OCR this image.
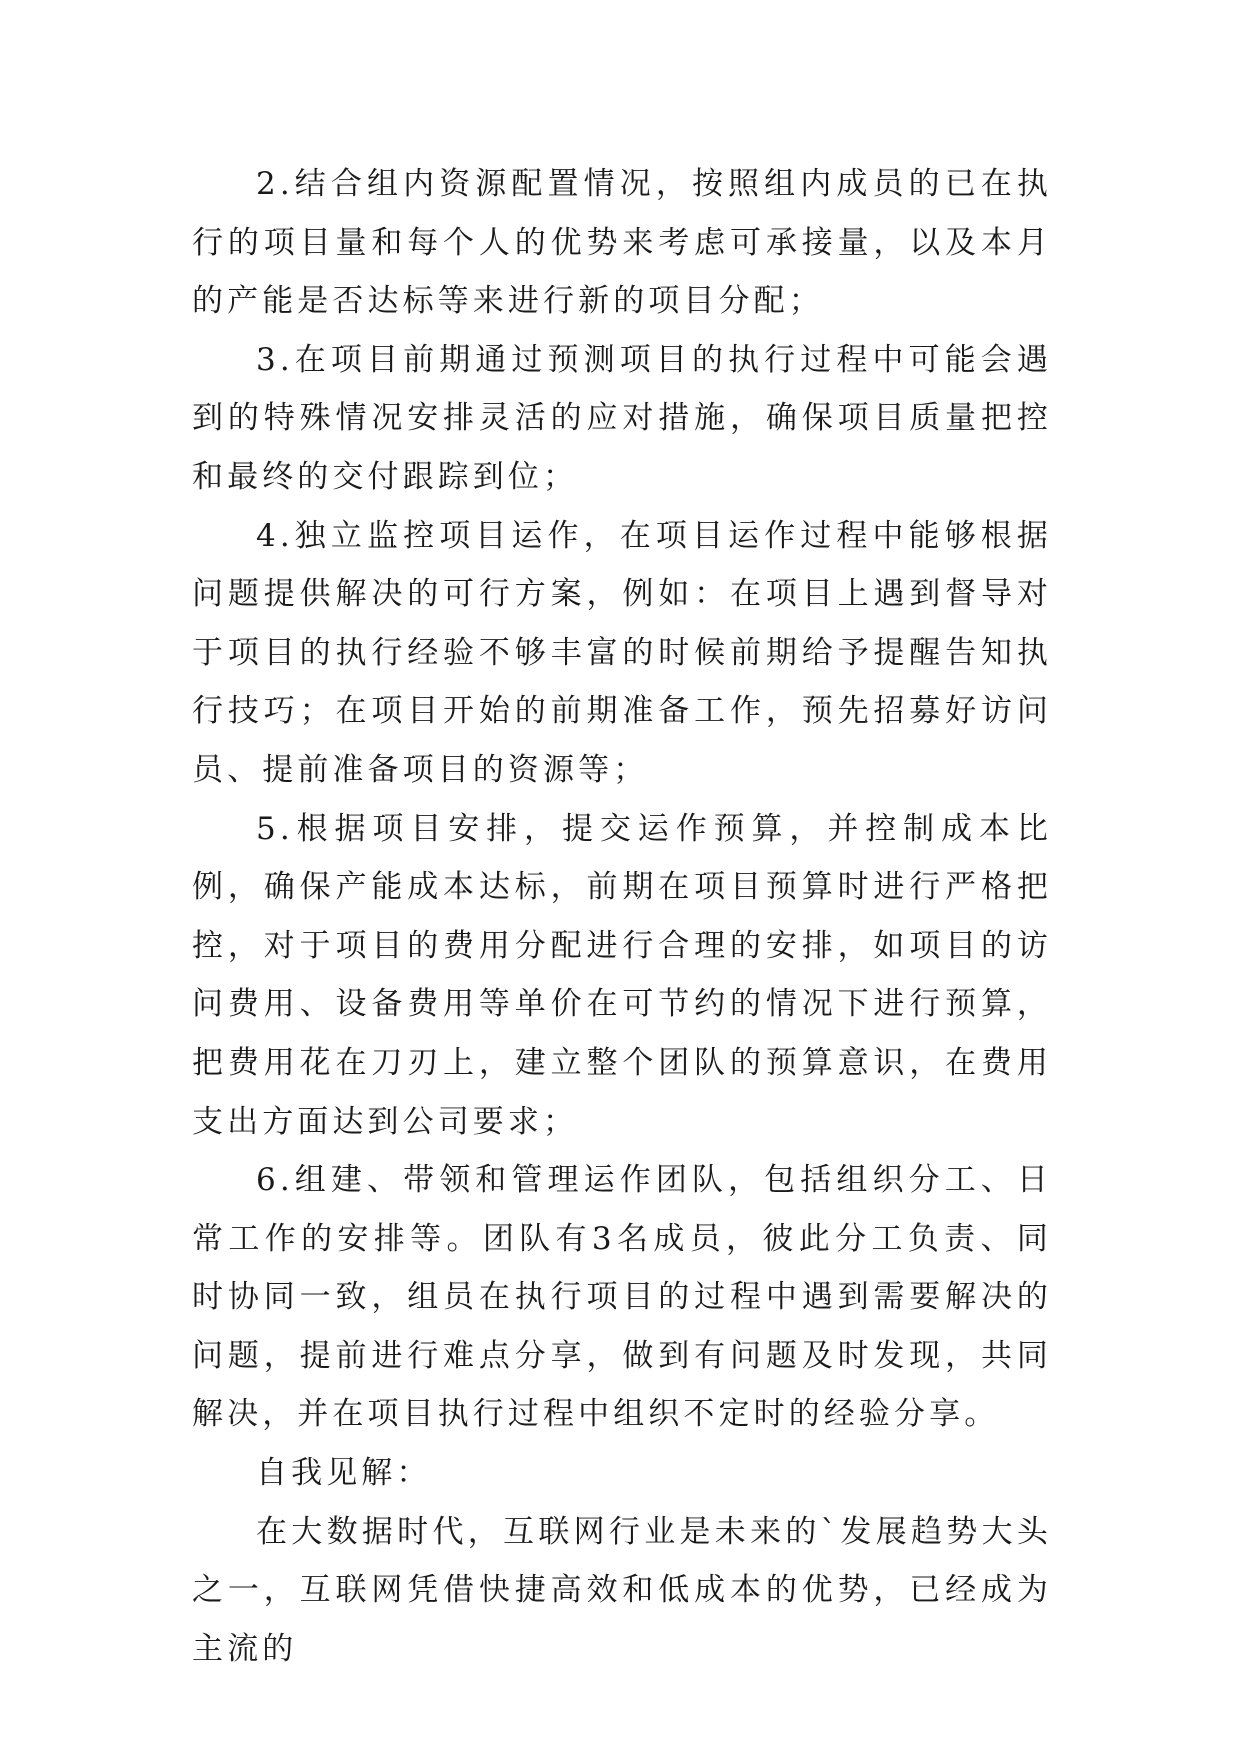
2.结合组内资源配置情况，按照组内成员的已在执行的项目量和每个人的优势来考虑可承接量，以及本月的产能是否达标等来进行新的项目分配；

3.在项目前期通过预测项目的执行过程中可能会遇到的特殊情况安排灵活的应对措施，确保项目质量把控和最终的交付跟踪到位；

4.独立监控项目运作，在项目运作过程中能够根据问题提供解决的可行方案，例如：在项目上遇到督导对于项目的执行经验不够丰富的时候前期给予提醒告知执行技巧；在项目开始的前期准备工作，预先招募好访问员、提前准备项目的资源等；

5.根据项目安排，提交运作预算，并控制成本比例，确保产能成本达标，前期在项目预算时进行严格把控，对于项目的费用分配进行合理的安排，如项目的访问费用、设备费用等单价在可节约的情况下进行预算，把费用花在刀刃上，建立整个团队的预算意识，在费用支出方面达到公司要求；

6.组建、带领和管理运作团队，包括组织分工、日常工作的安排等。团队有3名成员，彼此分工负责、同时协同一致，组员在执行项目的过程中遇到需要解决的问题，提前进行难点分享，做到有问题及时发现，共同解决，并在项目执行过程中组织不定时的经验分享。

自我见解：

在大数据时代，互联网行业是未来的`发展趋势大头之一，互联网凭借快捷高效和低成本的优势，已经成为主流的
